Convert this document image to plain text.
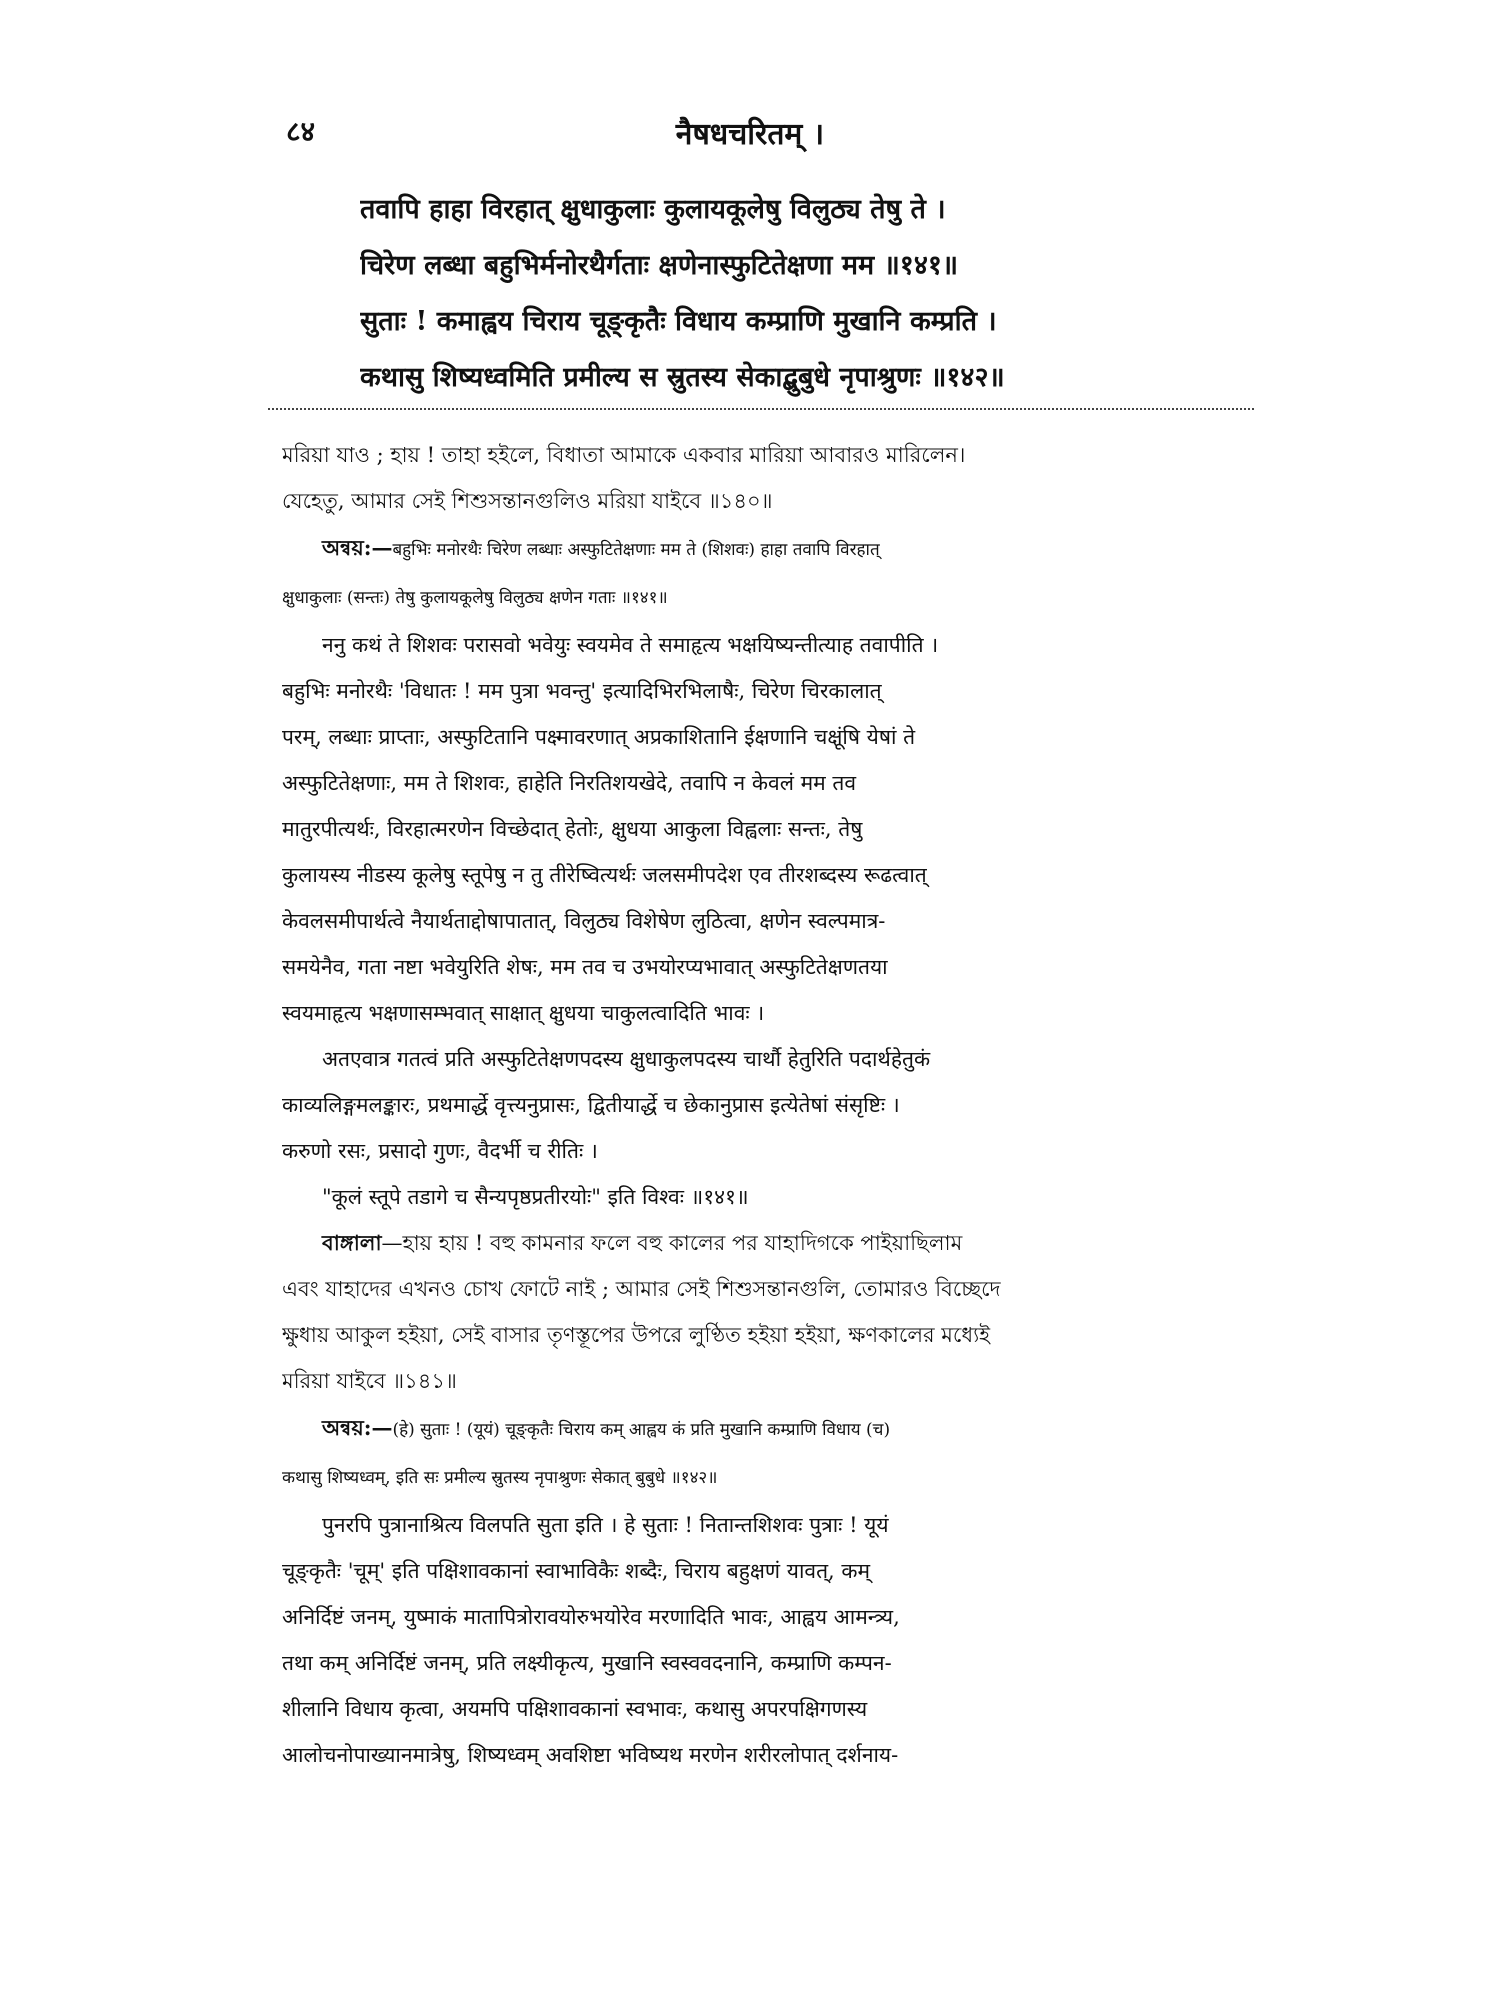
८४	नैषधचरितम् ।
तवापि हाहा विरहात् क्षुधाकुलाः कुलायकूलेषु विलुठ्य तेषु ते ।
चिरेण लब्धा बहुभिर्मनोरथैर्गताः क्षणेनास्फुटितेक्षणा मम ॥१४१॥
सुताः ! कमाह्वय चिराय चूङ्कृतैः विधाय कम्प्राणि मुखानि कम्प्रति ।
कथासु शिष्यध्वमिति प्रमील्य स स्रुतस्य सेकाद्बुबुधे नृपाश्रुणः ॥१४२॥
মরিয়া যাও ; হায় ! তাহা হইলে, বিধাতা আমাকে একবার মারিয়া আবারও মারিলেন।
যেহেতু, আমার সেই শিশুসন্তানগুলিও মরিয়া যাইবে ॥১৪০॥
অন্বয়:—बहुभिः मनोरथैः चिरेण लब्धाः अस्फुटितेक्षणाः मम ते (शिशवः) हाहा तवापि विरहात्
क्षुधाकुलाः (सन्तः) तेषु कुलायकूलेषु विलुठ्य क्षणेन गताः ॥१४१॥
ननु कथं ते शिशवः परासवो भवेयुः स्वयमेव ते समाहृत्य भक्षयिष्यन्तीत्याह तवापीति ।
बहुभिः मनोरथैः 'विधातः ! मम पुत्रा भवन्तु' इत्यादिभिरभिलाषैः, चिरेण चिरकालात्
परम्, लब्धाः प्राप्ताः, अस्फुटितानि पक्ष्मावरणात् अप्रकाशितानि ईक्षणानि चक्षूंषि येषां ते
अस्फुटितेक्षणाः, मम ते शिशवः, हाहेति निरतिशयखेदे, तवापि न केवलं मम तव
मातुरपीत्यर्थः, विरहात्मरणेन विच्छेदात् हेतोः, क्षुधया आकुला विह्वलाः सन्तः, तेषु
कुलायस्य नीडस्य कूलेषु स्तूपेषु न तु तीरेष्वित्यर्थः जलसमीपदेश एव तीरशब्दस्य रूढत्वात्
केवलसमीपार्थत्वे नैयार्थताद्दोषापातात्, विलुठ्य विशेषेण लुठित्वा, क्षणेन स्वल्पमात्र-
समयेनैव, गता नष्टा भवेयुरिति शेषः, मम तव च उभयोरप्यभावात् अस्फुटितेक्षणतया
स्वयमाहृत्य भक्षणासम्भवात् साक्षात् क्षुधया चाकुलत्वादिति भावः ।
अतएवात्र गतत्वं प्रति अस्फुटितेक्षणपदस्य क्षुधाकुलपदस्य चार्थौ हेतुरिति पदार्थहेतुकं
काव्यलिङ्गमलङ्कारः, प्रथमार्द्धे वृत्त्यनुप्रासः, द्वितीयार्द्धे च छेकानुप्रास इत्येतेषां संसृष्टिः ।
करुणो रसः, प्रसादो गुणः, वैदर्भी च रीतिः ।
"कूलं स्तूपे तडागे च सैन्यपृष्ठप्रतीरयोः" इति विश्वः ॥१४१॥
বাঙ্গালা—হায় হায় ! বহু কামনার ফলে বহু কালের পর যাহাদিগকে পাইয়াছিলাম
এবং যাহাদের এখনও চোখ ফোটে নাই ; আমার সেই শিশুসন্তানগুলি, তোমারও বিচ্ছেদে
ক্ষুধায় আকুল হইয়া, সেই বাসার তৃণস্তূপের উপরে লুণ্ঠিত হইয়া হইয়া, ক্ষণকালের মধ্যেই
মরিয়া যাইবে ॥১৪১॥
অন্বয়:—(हे) सुताः ! (यूयं) चूङ्कृतैः चिराय कम् आह्वय कं प्रति मुखानि कम्प्राणि विधाय (च)
कथासु शिष्यध्वम्, इति सः प्रमील्य स्रुतस्य नृपाश्रुणः सेकात् बुबुधे ॥१४२॥
पुनरपि पुत्रानाश्रित्य विलपति सुता इति । हे सुताः ! नितान्तशिशवः पुत्राः ! यूयं
चूङ्कृतैः 'चूम्' इति पक्षिशावकानां स्वाभाविकैः शब्दैः, चिराय बहुक्षणं यावत्, कम्
अनिर्दिष्टं जनम्, युष्माकं मातापित्रोरावयोरुभयोरेव मरणादिति भावः, आह्वय आमन्त्र्य,
तथा कम् अनिर्दिष्टं जनम्, प्रति लक्ष्यीकृत्य, मुखानि स्वस्ववदनानि, कम्प्राणि कम्पन-
शीलानि विधाय कृत्वा, अयमपि पक्षिशावकानां स्वभावः, कथासु अपरपक्षिगणस्य
आलोचनोपाख्यानमात्रेषु, शिष्यध्वम् अवशिष्टा भविष्यथ मरणेन शरीरलोपात् दर्शनाय-
